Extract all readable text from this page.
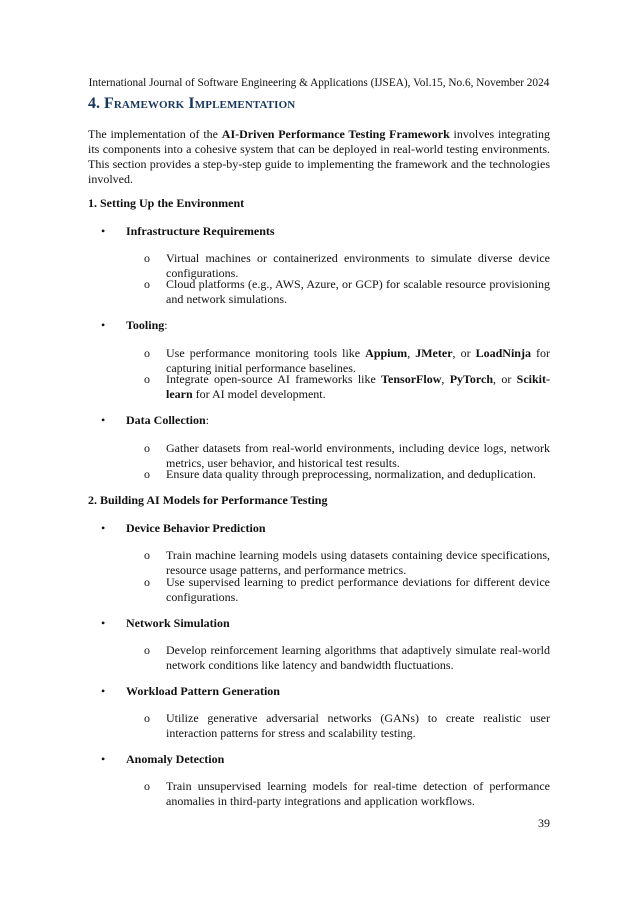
International Journal of Software Engineering & Applications (IJSEA), Vol.15, No.6, November 2024
4. Framework Implementation
The implementation of the AI-Driven Performance Testing Framework involves integrating its components into a cohesive system that can be deployed in real-world testing environments. This section provides a step-by-step guide to implementing the framework and the technologies involved.
1. Setting Up the Environment
• Infrastructure Requirements
o Virtual machines or containerized environments to simulate diverse device configurations.
o Cloud platforms (e.g., AWS, Azure, or GCP) for scalable resource provisioning and network simulations.
• Tooling:
o Use performance monitoring tools like Appium, JMeter, or LoadNinja for capturing initial performance baselines.
o Integrate open-source AI frameworks like TensorFlow, PyTorch, or Scikit-learn for AI model development.
• Data Collection:
o Gather datasets from real-world environments, including device logs, network metrics, user behavior, and historical test results.
o Ensure data quality through preprocessing, normalization, and deduplication.
2. Building AI Models for Performance Testing
• Device Behavior Prediction
o Train machine learning models using datasets containing device specifications, resource usage patterns, and performance metrics.
o Use supervised learning to predict performance deviations for different device configurations.
• Network Simulation
o Develop reinforcement learning algorithms that adaptively simulate real-world network conditions like latency and bandwidth fluctuations.
• Workload Pattern Generation
o Utilize generative adversarial networks (GANs) to create realistic user interaction patterns for stress and scalability testing.
• Anomaly Detection
o Train unsupervised learning models for real-time detection of performance anomalies in third-party integrations and application workflows.
39
